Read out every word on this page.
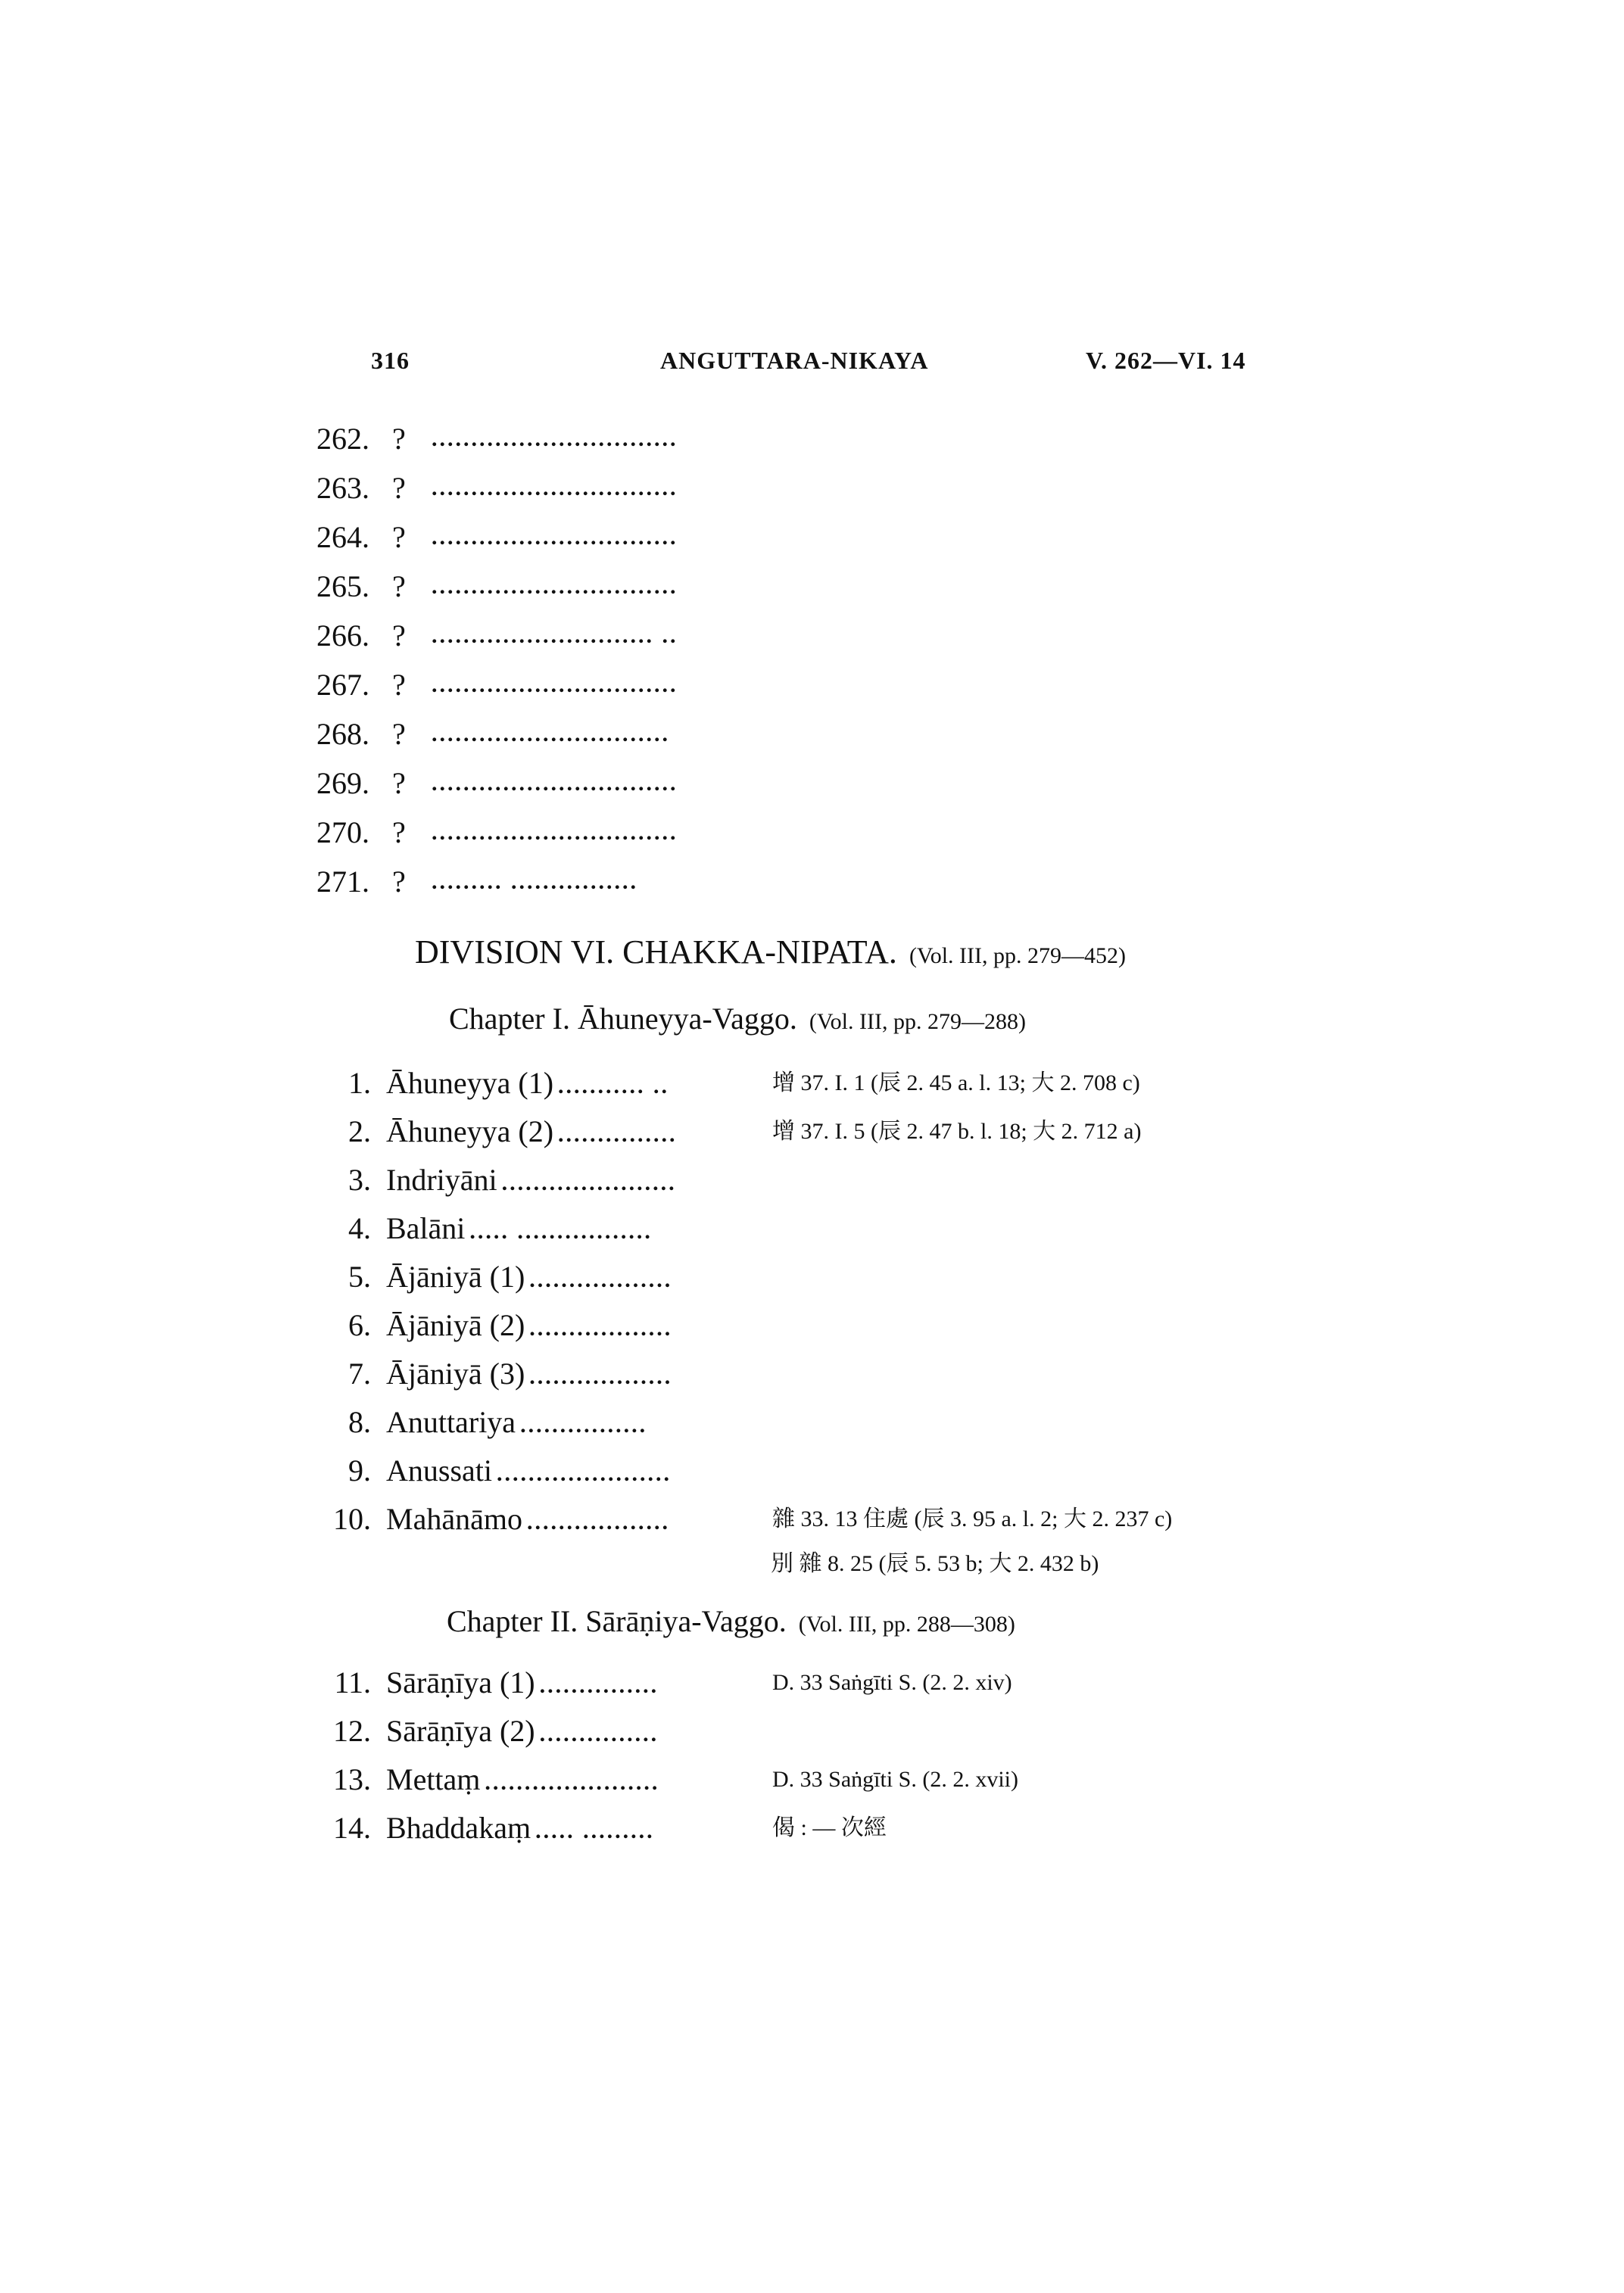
316	ANGUTTARA-NIKAYA	V. 262—VI. 14
262. ? ...............................
263. ? ...............................
264. ? ...............................
265. ? ...............................
266. ? ............................ ..
267. ? ...............................
268. ? ..............................
269. ? ...............................
270. ? ...............................
271. ? ......... ................
DIVISION VI. CHAKKA-NIPATA. (Vol. III, pp. 279—452)
Chapter I. Āhuneyya-Vaggo. (Vol. III, pp. 279—288)
1. Āhuneyya (1) ........... ..	增 37. I. 1 (辰 2. 45 a. l. 13; 大 2. 708 c)
2. Āhuneyya (2) ...............	增 37. I. 5 (辰 2. 47 b. l. 18; 大 2. 712 a)
3. Indriyāni ......................
4. Balāni ..... .................
5. Ājāniyā (1) ..................
6. Ājāniyā (2) ..................
7. Ājāniyā (3) ..................
8. Anuttariya ................
9. Anussati ......................
10. Mahānāmo ..................	雜 33. 13 住處 (辰 3. 95 a. l. 2; 大 2. 237 c)
別 雜 8. 25 (辰 5. 53 b; 大 2. 432 b)
Chapter II. Sārāṇiya-Vaggo. (Vol. III, pp. 288—308)
11. Sārāṇīya (1) ...............	D. 33 Saṅgīti S. (2. 2. xiv)
12. Sārāṇīya (2) ...............
13. Mettaṃ ......................	D. 33 Saṅgīti S. (2. 2. xvii)
14. Bhaddakaṃ ..... .........	偈 : — 次經
